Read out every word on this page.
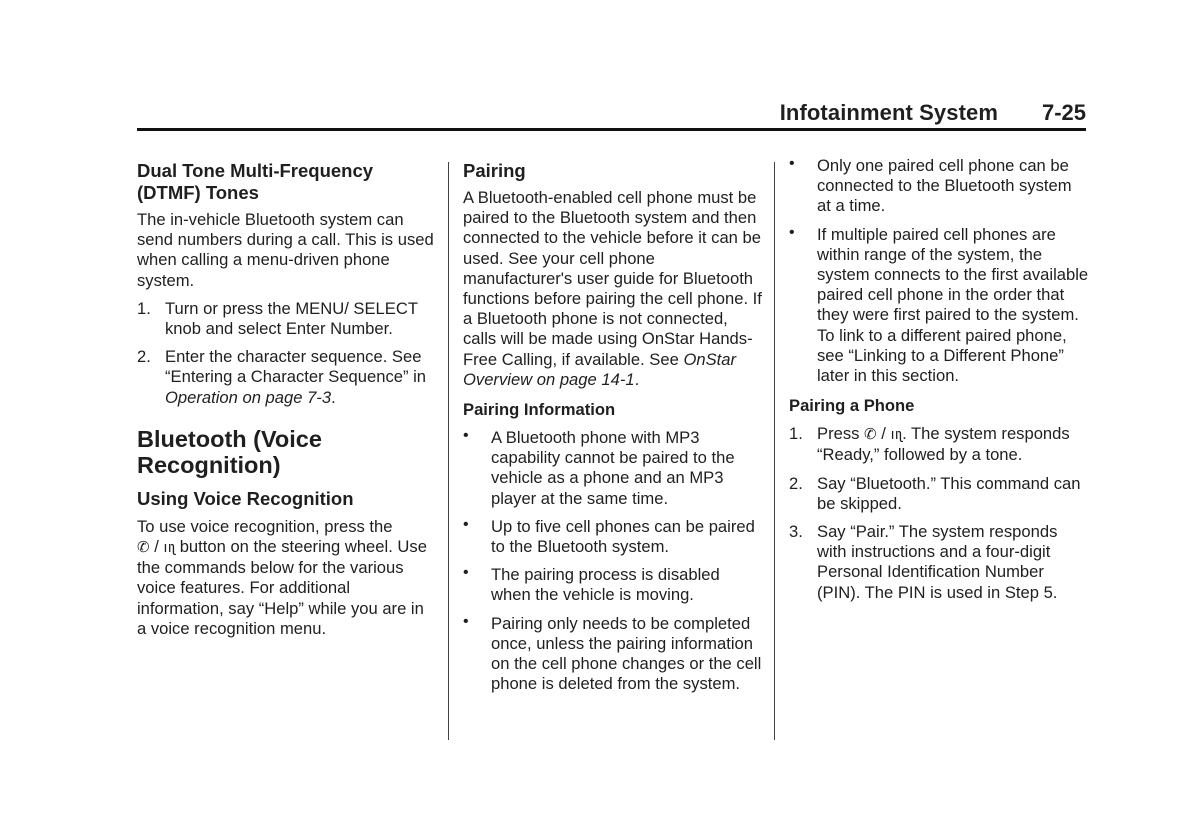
Infotainment System 7-25
Dual Tone Multi-Frequency (DTMF) Tones

The in-vehicle Bluetooth system can send numbers during a call. This is used when calling a menu-driven phone system.

1. Turn or press the MENU/ SELECT knob and select Enter Number.
2. Enter the character sequence. See “Entering a Character Sequence” in Operation on page 7-3.
Bluetooth (Voice Recognition)
Using Voice Recognition

To use voice recognition, press the
✆ / ııʅ button on the steering wheel. Use the commands below for the various voice features. For additional information, say “Help” while you are in a voice recognition menu.

Pairing

A Bluetooth-enabled cell phone must be paired to the Bluetooth system and then connected to the vehicle before it can be used. See your cell phone manufacturer's user guide for Bluetooth functions before pairing the cell phone. If a Bluetooth phone is not connected, calls will be made using OnStar Hands-Free Calling, if available. See OnStar Overview on page 14-1.

Pairing Information
• A Bluetooth phone with MP3 capability cannot be paired to the vehicle as a phone and an MP3 player at the same time.
• Up to five cell phones can be paired to the Bluetooth system.
• The pairing process is disabled when the vehicle is moving.
• Pairing only needs to be completed once, unless the pairing information on the cell phone changes or the cell phone is deleted from the system.
• Only one paired cell phone can be connected to the Bluetooth system at a time.
• If multiple paired cell phones are within range of the system, the system connects to the first available paired cell phone in the order that they were first paired to the system. To link to a different paired phone, see “Linking to a Different Phone” later in this section.
Pairing a Phone
1. Press ✆ / ııʅ. The system responds “Ready,” followed by a tone.
2. Say “Bluetooth.” This command can be skipped.
3. Say “Pair.” The system responds with instructions and a four-digit Personal Identification Number (PIN). The PIN is used in Step 5.
